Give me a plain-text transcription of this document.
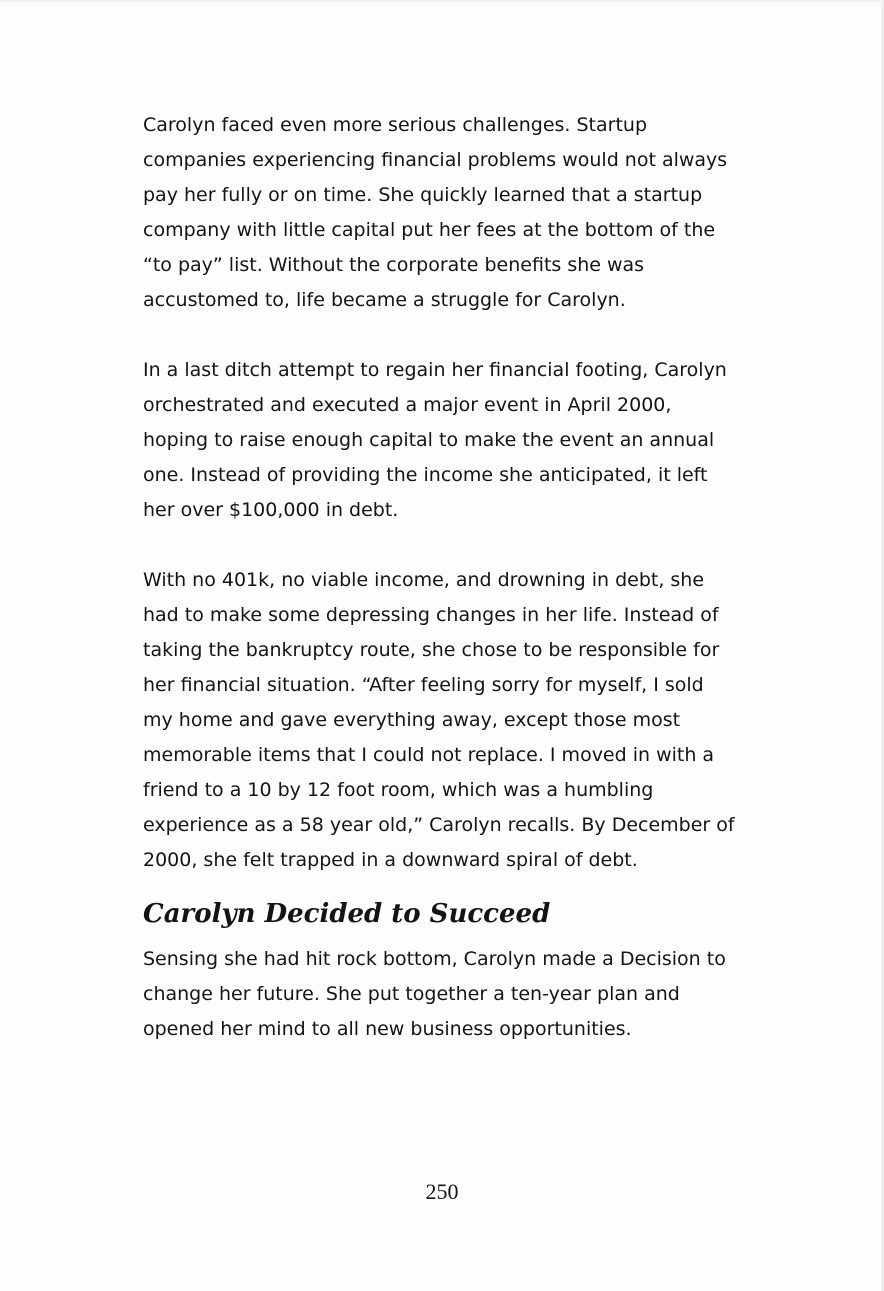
Carolyn faced even more serious challenges. Startup
companies experiencing financial problems would not always
pay her fully or on time. She quickly learned that a startup
company with little capital put her fees at the bottom of the
“to pay” list. Without the corporate benefits she was
accustomed to, life became a struggle for Carolyn.

In a last ditch attempt to regain her financial footing, Carolyn
orchestrated and executed a major event in April 2000,
hoping to raise enough capital to make the event an annual
one. Instead of providing the income she anticipated, it left
her over $100,000 in debt.

With no 401k, no viable income, and drowning in debt, she
had to make some depressing changes in her life. Instead of
taking the bankruptcy route, she chose to be responsible for
her financial situation. “After feeling sorry for myself, I sold
my home and gave everything away, except those most
memorable items that I could not replace. I moved in with a
friend to a 10 by 12 foot room, which was a humbling
experience as a 58 year old,” Carolyn recalls. By December of
2000, she felt trapped in a downward spiral of debt.

Carolyn Decided to Succeed

Sensing she had hit rock bottom, Carolyn made a Decision to
change her future. She put together a ten-year plan and
opened her mind to all new business opportunities.

250
